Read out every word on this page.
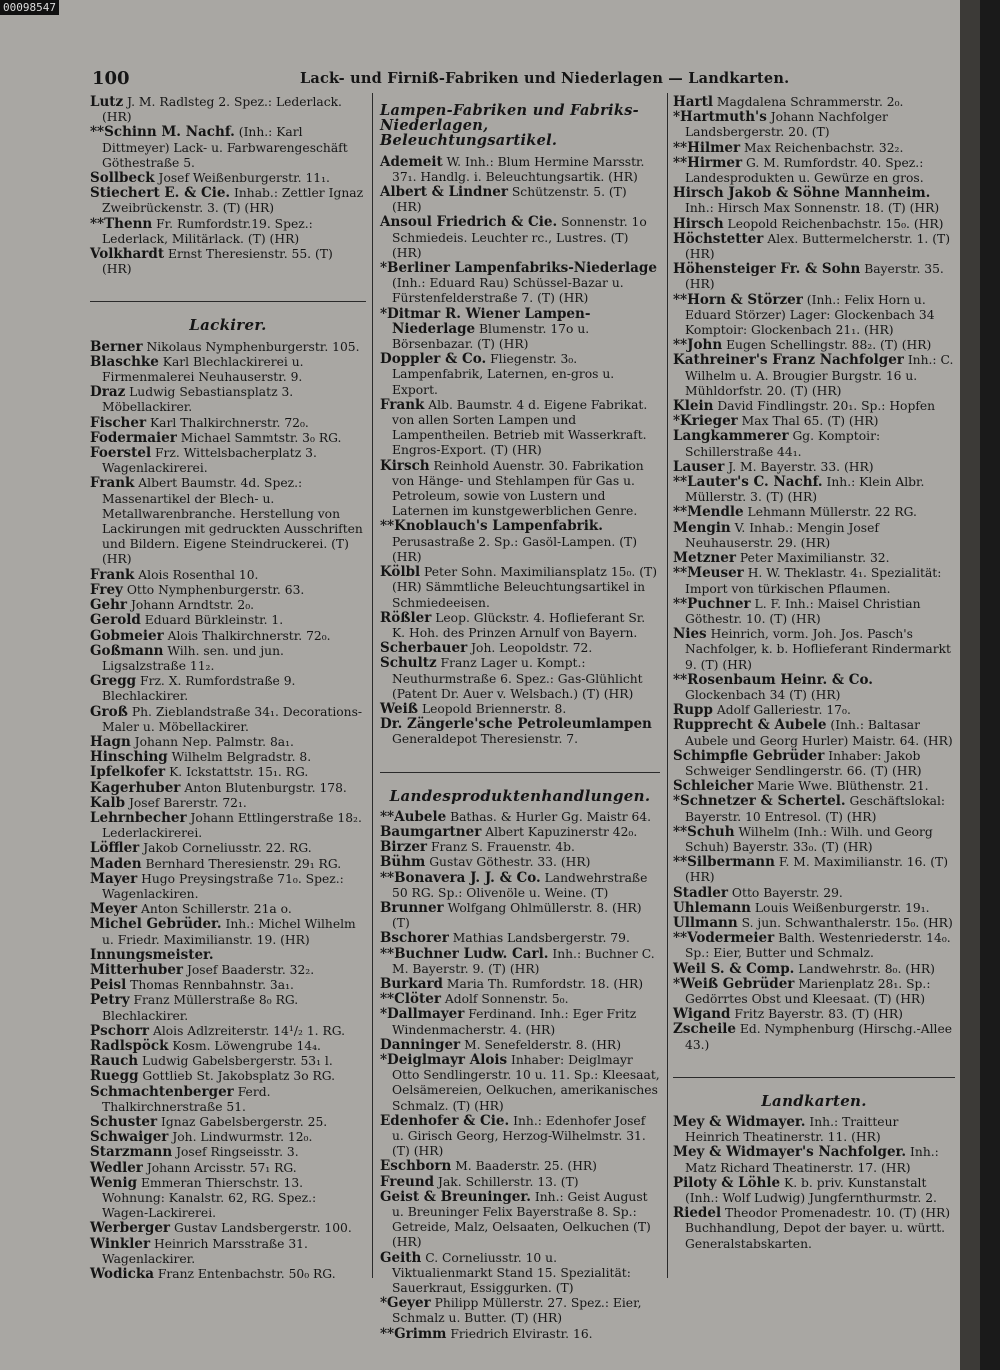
00098547
100	Lack- und Firniß-Fabriken und Niederlagen — Landkarten.

Lutz J. M. Radlsteg 2. Spez.: Lederlack. (HR)

**Schinn M. Nachf. (Inh.: Karl Dittmeyer) Lack- u. Farbwarengeschäft Göthestraße 5.

Sollbeck Josef Weißenburgerstr. 11₁.

Stiechert E. & Cie. Inhab.: Zettler Ignaz Zweibrückenstr. 3. (T) (HR)

**Thenn Fr. Rumfordstr.19. Spez.: Lederlack, Militärlack. (T) (HR)

Volkhardt Ernst Theresienstr. 55. (T) (HR)

Lackirer.

Berner Nikolaus Nymphenburgerstr. 105.

Blaschke Karl Blechlackirerei u. Firmenmalerei Neuhauserstr. 9.

Draz Ludwig Sebastiansplatz 3. Möbellackirer.

Fischer Karl Thalkirchnerstr. 72₀.

Fodermaier Michael Sammtstr. 3₀ RG.

Foerstel Frz. Wittelsbacherplatz 3. Wagenlackirerei.

Frank Albert Baumstr. 4d. Spez.: Massenartikel der Blech- u. Metallwarenbranche. Herstellung von Lackirungen mit gedruckten Ausschriften und Bildern. Eigene Steindruckerei. (T) (HR)

Frank Alois Rosenthal 10.

Frey Otto Nymphenburgerstr. 63.

Gehr Johann Arndtstr. 2₀.

Gerold Eduard Bürkleinstr. 1.

Gobmeier Alois Thalkirchnerstr. 72₀.

Goßmann Wilh. sen. und jun. Ligsalzstraße 11₂.

Gregg Frz. X. Rumfordstraße 9. Blechlackirer.

Groß Ph. Zieblandstraße 34₁. Decorations-Maler u. Möbellackirer.

Hagn Johann Nep. Palmstr. 8a₁.

Hinsching Wilhelm Belgradstr. 8.

Ipfelkofer K. Ickstattstr. 15₁. RG.

Kagerhuber Anton Blutenburgstr. 178.

Kalb Josef Barerstr. 72₁.

Lehrnbecher Johann Ettlingerstraße 18₂. Lederlackirerei.

Löffler Jakob Corneliusstr. 22. RG.

Maden Bernhard Theresienstr. 29₁ RG.

Mayer Hugo Preysingstraße 71₀. Spez.: Wagenlackiren.

Meyer Anton Schillerstr. 21a o.

Michel Gebrüder. Inh.: Michel Wilhelm u. Friedr. Maximilianstr. 19. (HR)

Innungsmeister.

Mitterhuber Josef Baaderstr. 32₂.

Peisl Thomas Rennbahnstr. 3a₁.

Petry Franz Müllerstraße 8₀ RG. Blechlackirer.

Pschorr Alois Adlzreiterstr. 14¹/₂ 1. RG.

Radlspöck Kosm. Löwengrube 14₄.

Rauch Ludwig Gabelsbergerstr. 53₁ l.

Ruegg Gottlieb St. Jakobsplatz 3o RG.

Schmachtenberger Ferd. Thalkirchnerstraße 51.

Schuster Ignaz Gabelsbergerstr. 25.

Schwaiger Joh. Lindwurmstr. 12₀.

Starzmann Josef Ringseisstr. 3.

Wedler Johann Arcisstr. 57₁ RG.

Wenig Emmeran Thierschstr. 13. Wohnung: Kanalstr. 62, RG. Spez.: Wagen-Lackirerei.

Werberger Gustav Landsbergerstr. 100.

Winkler Heinrich Marsstraße 31. Wagenlackirer.

Wodicka Franz Entenbachstr. 50₀ RG.

Lampen-Fabriken und Fabriks-Niederlagen, Beleuchtungsartikel.

Ademeit W. Inh.: Blum Hermine Marsstr. 37₁. Handlg. i. Beleuchtungsartik. (HR)

Albert & Lindner Schützenstr. 5. (T) (HR)

Ansoul Friedrich & Cie. Sonnenstr. 1o Schmiedeis. Leuchter rc., Lustres. (T) (HR)

*Berliner Lampenfabriks-Niederlage (Inh.: Eduard Rau) Schüssel-Bazar u. Fürstenfelderstraße 7. (T) (HR)

*Ditmar R. Wiener Lampen-Niederlage Blumenstr. 17o u. Börsenbazar. (T) (HR)

Doppler & Co. Fliegenstr. 3₀. Lampenfabrik, Laternen, en-gros u. Export.

Frank Alb. Baumstr. 4 d. Eigene Fabrikat. von allen Sorten Lampen und Lampentheilen. Betrieb mit Wasserkraft. Engros-Export. (T) (HR)

Kirsch Reinhold Auenstr. 30. Fabrikation von Hänge- und Stehlampen für Gas u. Petroleum, sowie von Lustern und Laternen im kunstgewerblichen Genre.

**Knoblauch's Lampenfabrik. Perusastraße 2. Sp.: Gasöl-Lampen. (T) (HR)

Kölbl Peter Sohn. Maximiliansplatz 15₀. (T) (HR) Sämmtliche Beleuchtungsartikel in Schmiedeeisen.

Rößler Leop. Glückstr. 4. Hoflieferant Sr. K. Hoh. des Prinzen Arnulf von Bayern.

Scherbauer Joh. Leopoldstr. 72.

Schultz Franz Lager u. Kompt.: Neuthurmstraße 6. Spez.: Gas-Glühlicht (Patent Dr. Auer v. Welsbach.) (T) (HR)

Weiß Leopold Briennerstr. 8.

Dr. Zängerle'sche Petroleumlampen Generaldepot Theresienstr. 7.

Landesproduktenhandlungen.

**Aubele Bathas. & Hurler Gg. Maistr 64.

Baumgartner Albert Kapuzinerstr 42₀.

Birzer Franz S. Frauenstr. 4b.

Bühm Gustav Göthestr. 33. (HR)

**Bonavera J. J. & Co. Landwehrstraße 50 RG. Sp.: Olivenöle u. Weine. (T)

Brunner Wolfgang Ohlmüllerstr. 8. (HR) (T)

Bschorer Mathias Landsbergerstr. 79.

**Buchner Ludw. Carl. Inh.: Buchner C. M. Bayerstr. 9. (T) (HR)

Burkard Maria Th. Rumfordstr. 18. (HR)

**Clöter Adolf Sonnenstr. 5₀.

*Dallmayer Ferdinand. Inh.: Eger Fritz Windenmacherstr. 4. (HR)

Danninger M. Senefelderstr. 8. (HR)

*Deiglmayr Alois Inhaber: Deiglmayr Otto Sendlingerstr. 10 u. 11. Sp.: Kleesaat, Oelsämereien, Oelkuchen, amerikanisches Schmalz. (T) (HR)

Edenhofer & Cie. Inh.: Edenhofer Josef u. Girisch Georg, Herzog-Wilhelmstr. 31. (T) (HR)

Eschborn M. Baaderstr. 25. (HR)

Freund Jak. Schillerstr. 13. (T)

Geist & Breuninger. Inh.: Geist August u. Breuninger Felix Bayerstraße 8. Sp.: Getreide, Malz, Oelsaaten, Oelkuchen (T) (HR)

Geith C. Corneliusstr. 10 u. Viktualienmarkt Stand 15. Spezialität: Sauerkraut, Essiggurken. (T)

*Geyer Philipp Müllerstr. 27. Spez.: Eier, Schmalz u. Butter. (T) (HR)

**Grimm Friedrich Elvirastr. 16.

Hartl Magdalena Schrammerstr. 2₀.

*Hartmuth's Johann Nachfolger Landsbergerstr. 20. (T)

**Hilmer Max Reichenbachstr. 32₂.

**Hirmer G. M. Rumfordstr. 40. Spez.: Landesprodukten u. Gewürze en gros.

Hirsch Jakob & Söhne Mannheim. Inh.: Hirsch Max Sonnenstr. 18. (T) (HR)

Hirsch Leopold Reichenbachstr. 15₀. (HR)

Höchstetter Alex. Buttermelcherstr. 1. (T) (HR)

Höhensteiger Fr. & Sohn Bayerstr. 35. (HR)

**Horn & Störzer (Inh.: Felix Horn u. Eduard Störzer) Lager: Glockenbach 34 Komptoir: Glockenbach 21₁. (HR)

**John Eugen Schellingstr. 88₂. (T) (HR)

Kathreiner's Franz Nachfolger Inh.: C. Wilhelm u. A. Brougier Burgstr. 16 u. Mühldorfstr. 20. (T) (HR)

Klein David Findlingstr. 20₁. Sp.: Hopfen

*Krieger Max Thal 65. (T) (HR)

Langkammerer Gg. Komptoir: Schillerstraße 44₁.

Lauser J. M. Bayerstr. 33. (HR)

**Lauter's C. Nachf. Inh.: Klein Albr. Müllerstr. 3. (T) (HR)

**Mendle Lehmann Müllerstr. 22 RG.

Mengin V. Inhab.: Mengin Josef Neuhauserstr. 29. (HR)

Metzner Peter Maximilianstr. 32.

**Meuser H. W. Theklastr. 4₁. Spezialität: Import von türkischen Pflaumen.

**Puchner L. F. Inh.: Maisel Christian Göthestr. 10. (T) (HR)

Nies Heinrich, vorm. Joh. Jos. Pasch's Nachfolger, k. b. Hoflieferant Rindermarkt 9. (T) (HR)

**Rosenbaum Heinr. & Co. Glockenbach 34 (T) (HR)

Rupp Adolf Galleriestr. 17₀.

Rupprecht & Aubele (Inh.: Baltasar Aubele und Georg Hurler) Maistr. 64. (HR)

Schimpfle Gebrüder Inhaber: Jakob Schweiger Sendlingerstr. 66. (T) (HR)

Schleicher Marie Wwe. Blüthenstr. 21.

*Schnetzer & Schertel. Geschäftslokal: Bayerstr. 10 Entresol. (T) (HR)

**Schuh Wilhelm (Inh.: Wilh. und Georg Schuh) Bayerstr. 33₀. (T) (HR)

**Silbermann F. M. Maximilianstr. 16. (T) (HR)

Stadler Otto Bayerstr. 29.

Uhlemann Louis Weißenburgerstr. 19₁.

Ullmann S. jun. Schwanthalerstr. 15₀. (HR)

**Vodermeier Balth. Westenriederstr. 14₀. Sp.: Eier, Butter und Schmalz.

Weil S. & Comp. Landwehrstr. 8₀. (HR)

*Weiß Gebrüder Marienplatz 28₁. Sp.: Gedörrtes Obst und Kleesaat. (T) (HR)

Wigand Fritz Bayerstr. 83. (T) (HR)

Zscheile Ed. Nymphenburg (Hirschg.-Allee 43.)

Landkarten.

Mey & Widmayer. Inh.: Traitteur Heinrich Theatinerstr. 11. (HR)

Mey & Widmayer's Nachfolger. Inh.: Matz Richard Theatinerstr. 17. (HR)

Piloty & Löhle K. b. priv. Kunstanstalt (Inh.: Wolf Ludwig) Jungfernthurmstr. 2.

Riedel Theodor Promenadestr. 10. (T) (HR) Buchhandlung, Depot der bayer. u. württ. Generalstabskarten.
